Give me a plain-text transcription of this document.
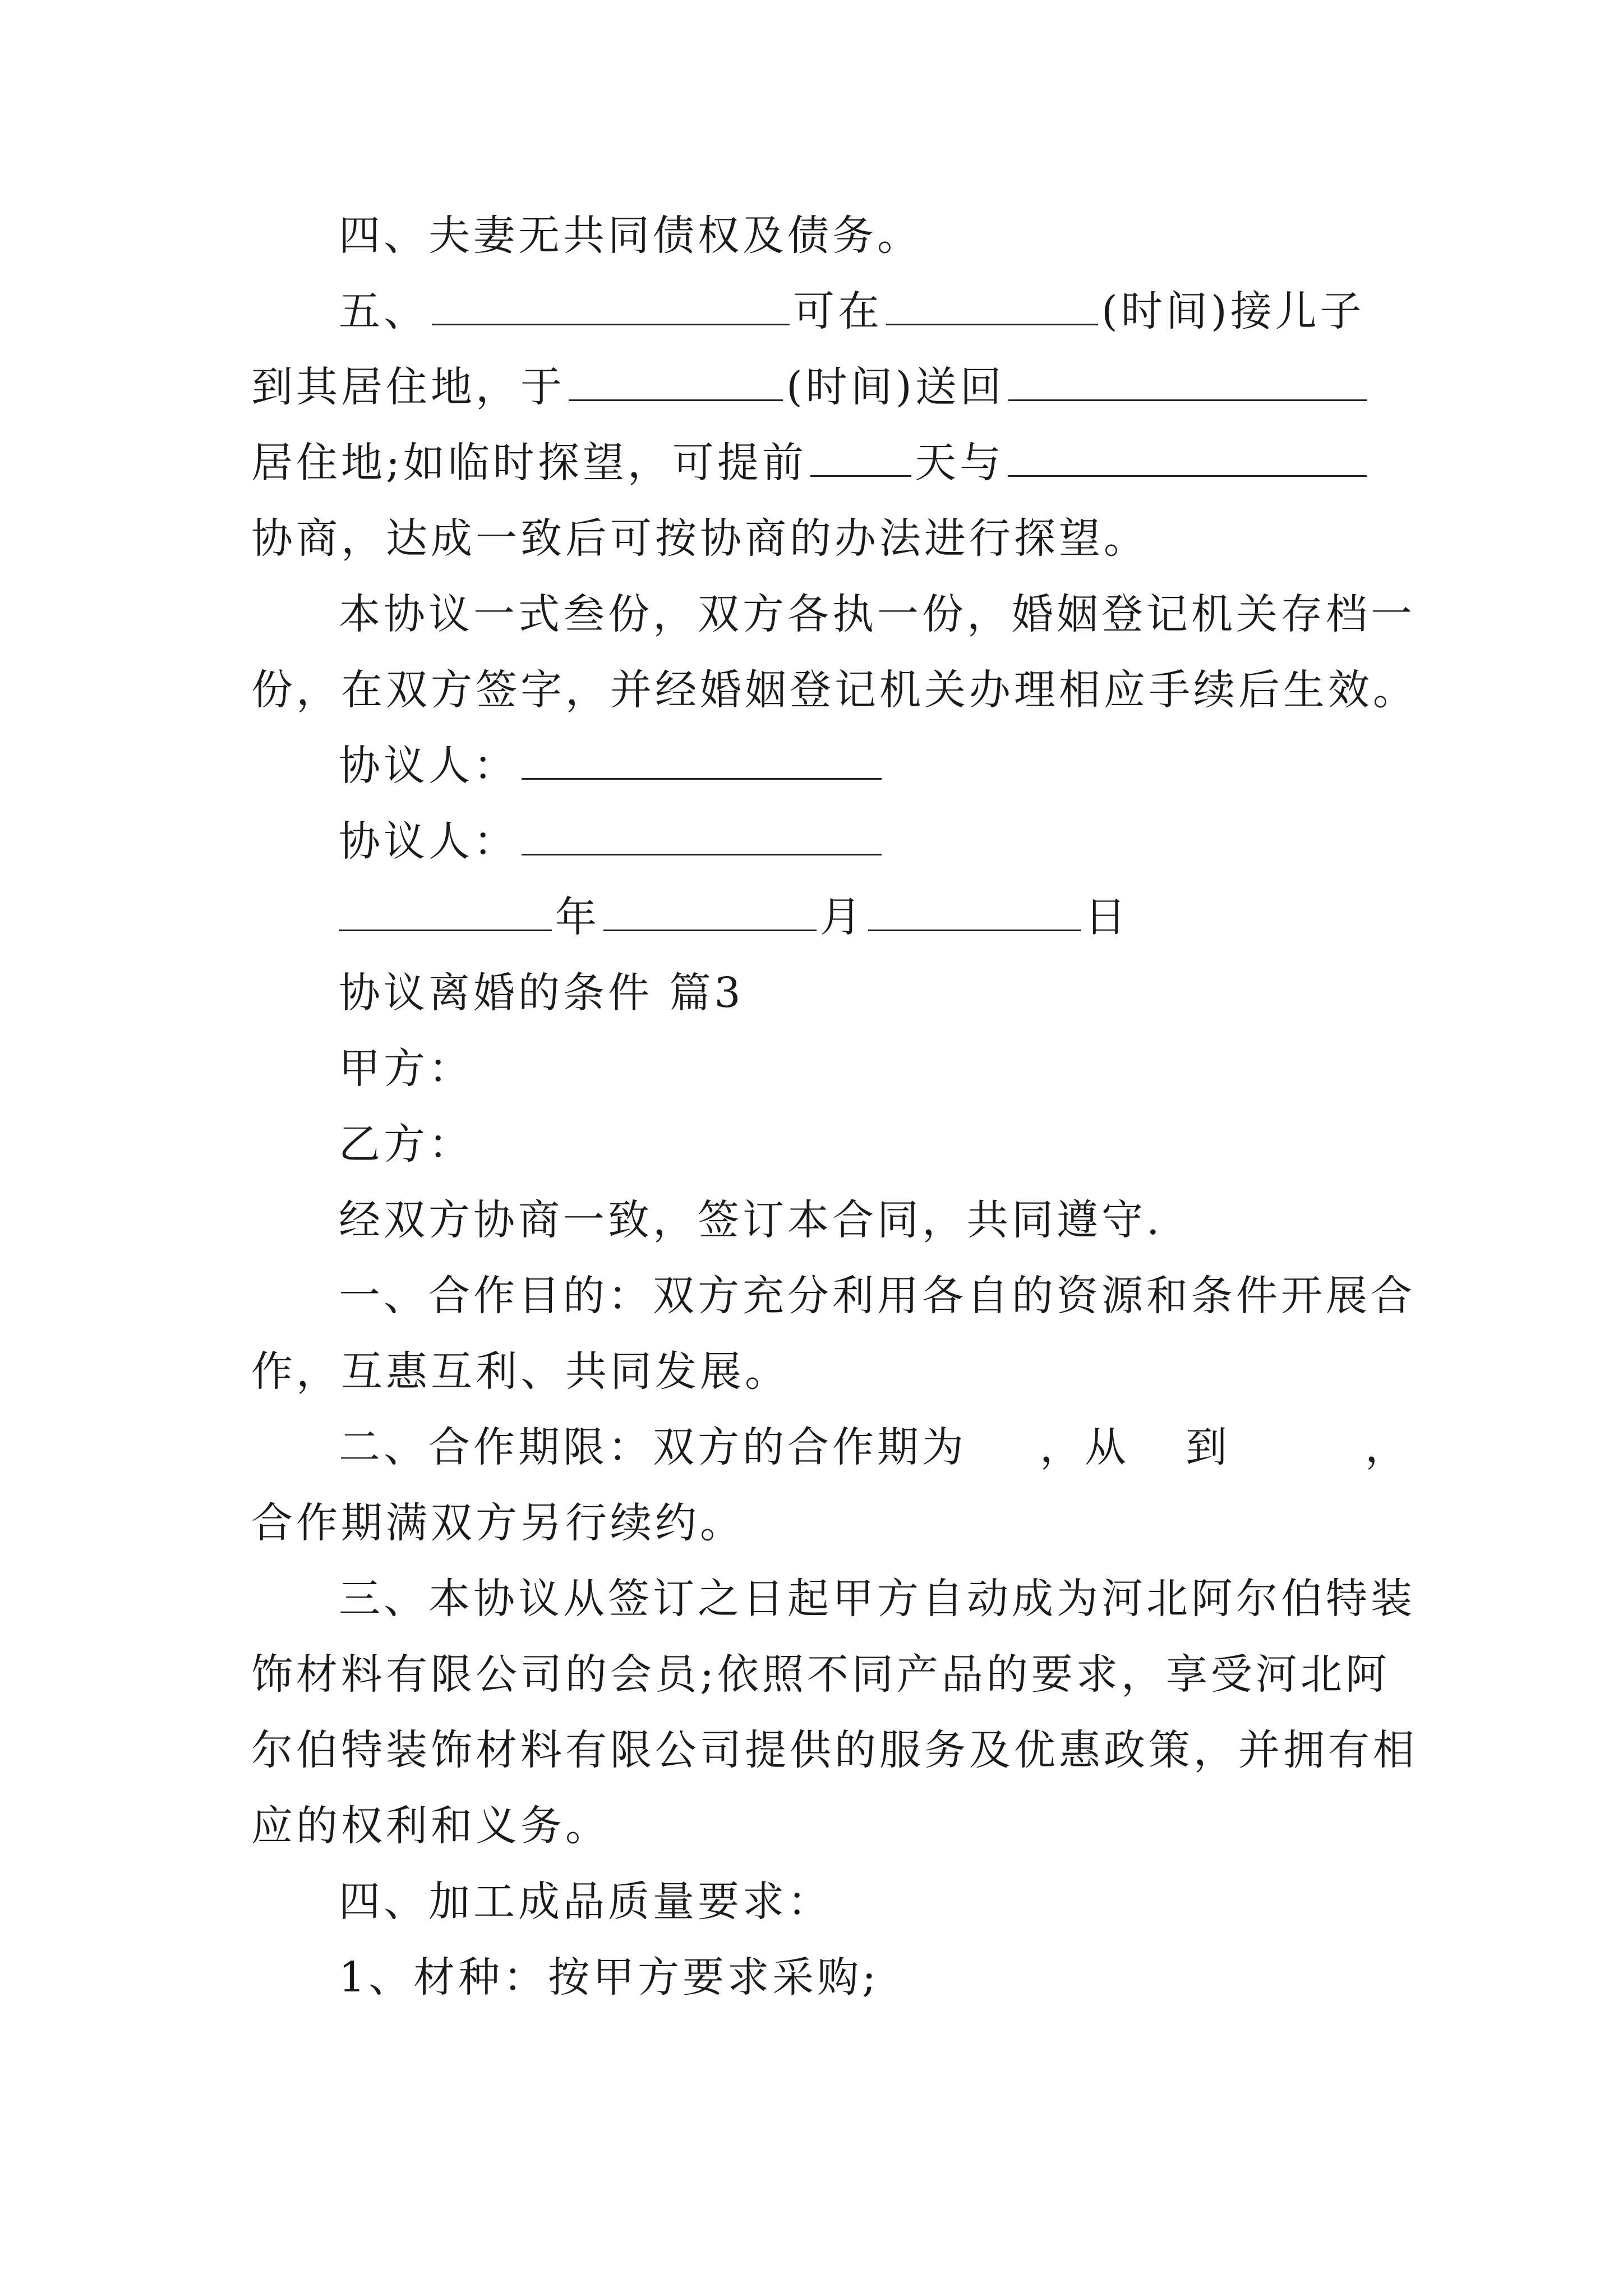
四、夫妻无共同债权及债务。
五、	可在	(时间)接儿子
到其居住地，于	(时间)送回
居住地;如临时探望，可提前	天与
协商，达成一致后可按协商的办法进行探望。
本协议一式叁份，双方各执一份，婚姻登记机关存档一
份，在双方签字，并经婚姻登记机关办理相应手续后生效。
协议人：
协议人：
年	月	日
协议离婚的条件 篇3
甲方：
乙方：
经双方协商一致，签订本合同，共同遵守.
一、合作目的：双方充分利用各自的资源和条件开展合
作，互惠互利、共同发展。
二、合作期限：双方的合作期为 ，从 到	，
合作期满双方另行续约。
三、本协议从签订之日起甲方自动成为河北阿尔伯特装
饰材料有限公司的会员;依照不同产品的要求，享受河北阿
尔伯特装饰材料有限公司提供的服务及优惠政策，并拥有相
应的权利和义务。
四、加工成品质量要求：
1、材种：按甲方要求采购;
